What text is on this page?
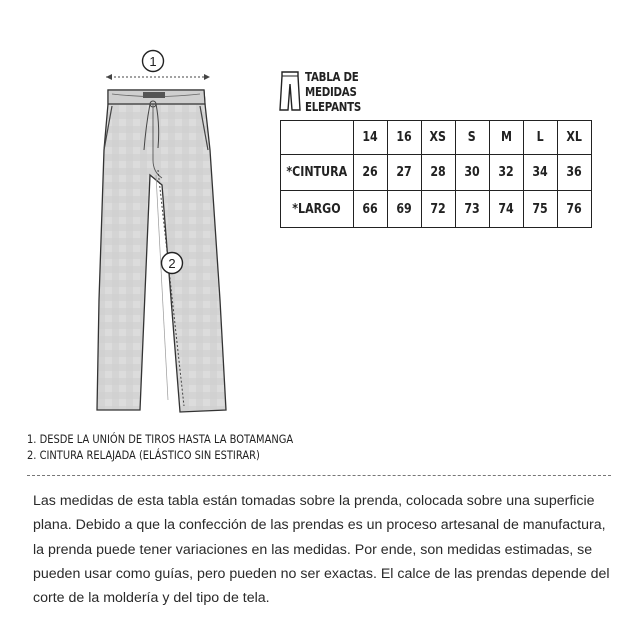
1
2
TABLA DE
MEDIDAS
ELEPANTS
	14	16	XS	S	M	L	XL
*CINTURA	26	27	28	30	32	34	36
*LARGO	66	69	72	73	74	75	76
1. DESDE LA UNIÓN DE TIROS HASTA LA BOTAMANGA
2. CINTURA RELAJADA (ELÁSTICO SIN ESTIRAR)
Las medidas de esta tabla están tomadas sobre la prenda, colocada sobre una superficie plana. Debido a que la confección de las prendas es un proceso artesanal de manufactura, la prenda puede tener variaciones en las medidas. Por ende, son medidas estimadas, se pueden usar como guías, pero pueden no ser exactas. El calce de las prendas depende del corte de la moldería y del tipo de tela.
